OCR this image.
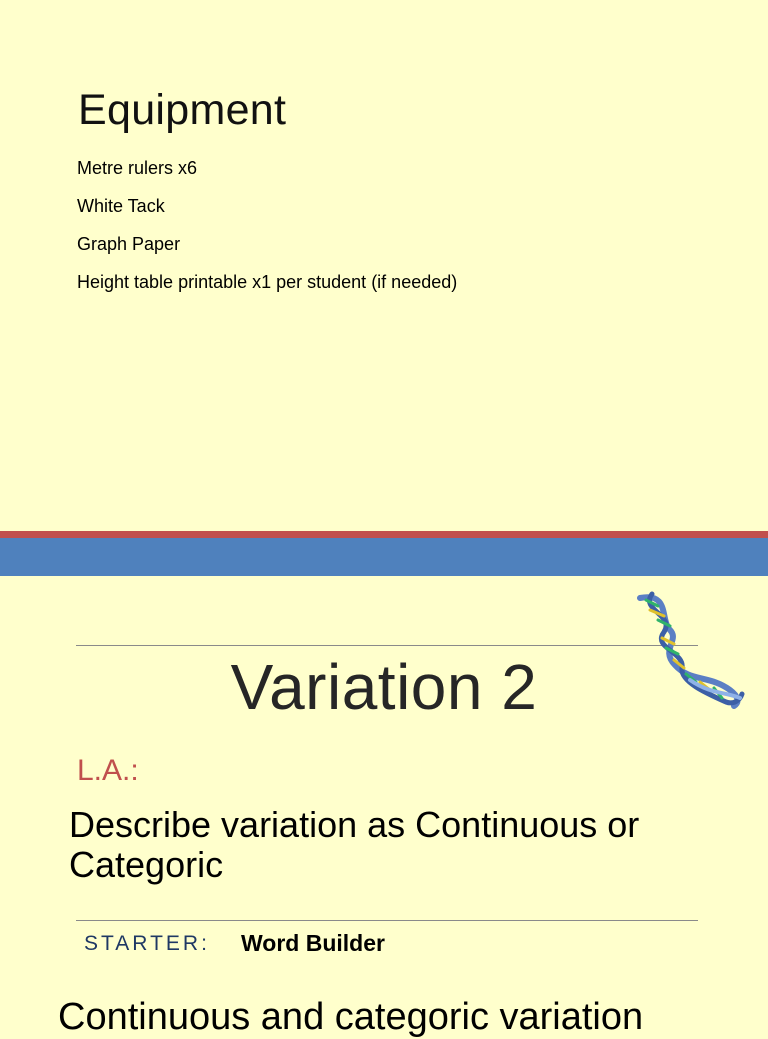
Equipment
Metre rulers x6
White Tack
Graph Paper
Height table printable x1 per student (if needed)
Variation 2
L.A.:
Describe variation as Continuous or Categoric
STARTER: Word Builder
Continuous and categoric variation
